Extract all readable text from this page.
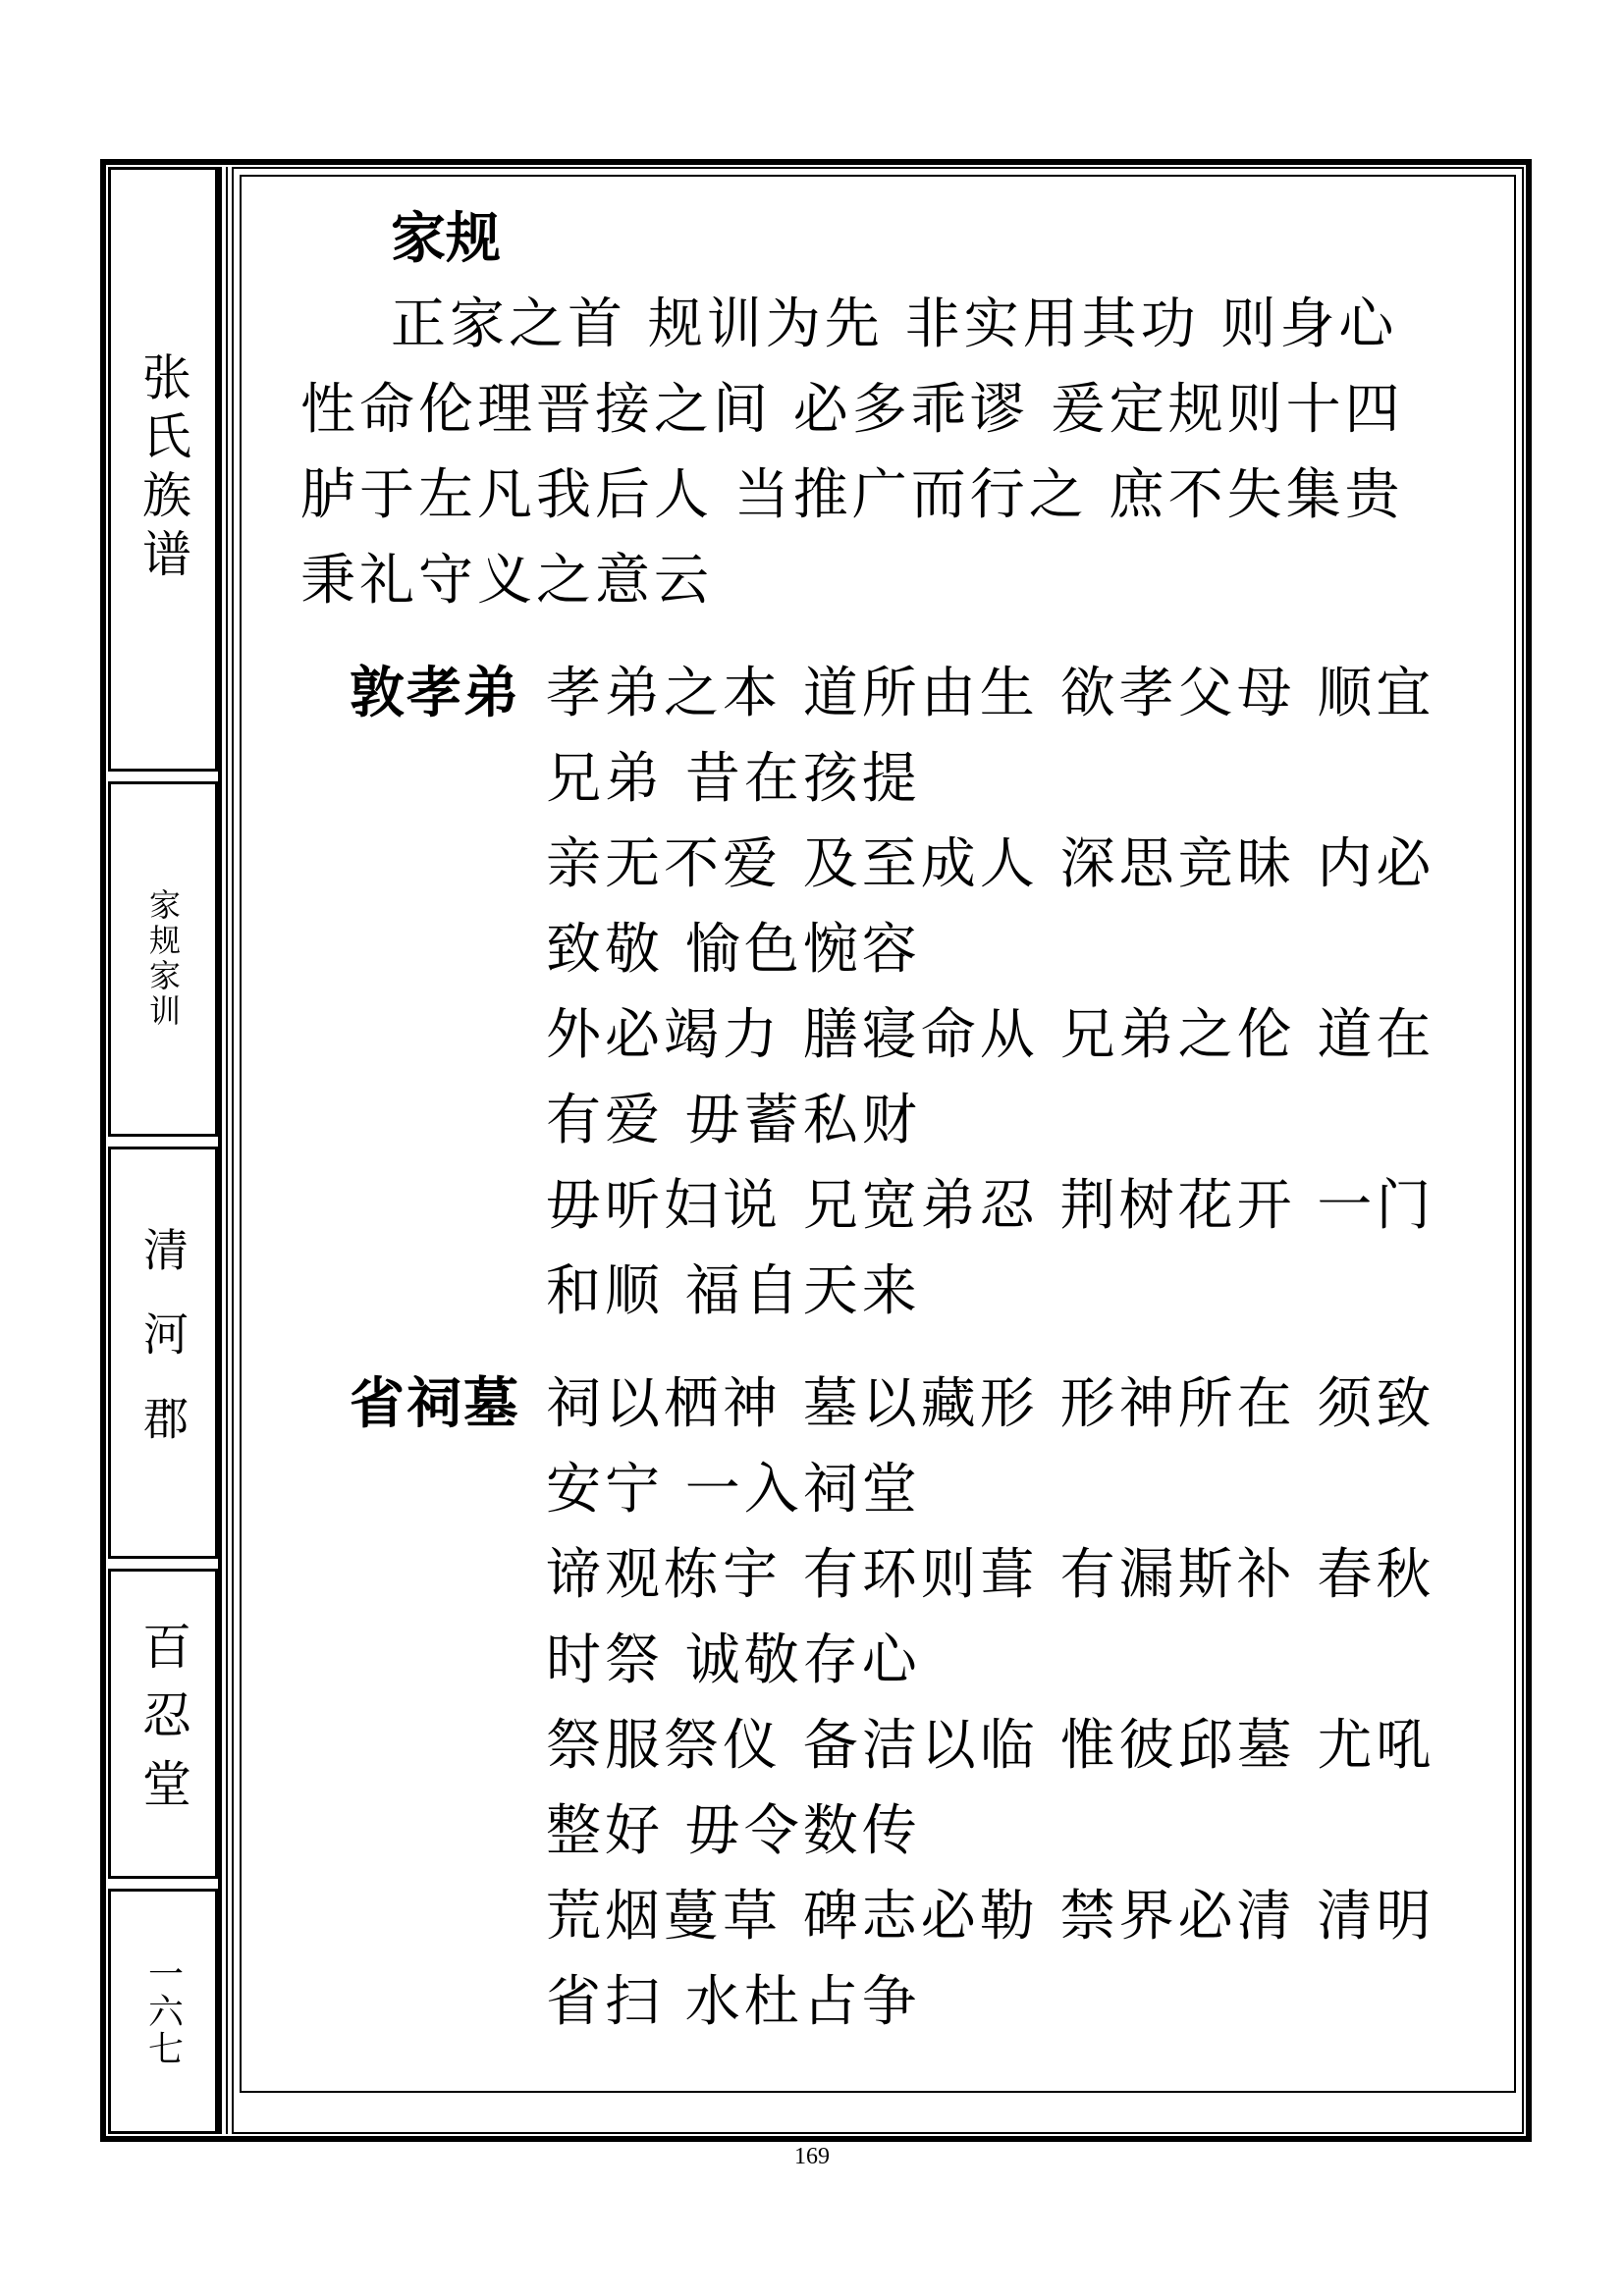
张氏族谱
家规家训
清河郡
百忍堂
一六七
家规

正家之首 规训为先 非实用其功 则身心

性命伦理晋接之间 必多乖谬 爰定规则十四

胪于左凡我后人 当推广而行之 庶不失集贵

秉礼守义之意云

敦孝弟 孝弟之本 道所由生 欲孝父母 顺宜

兄弟 昔在孩提

亲无不爱 及至成人 深思竞昧 内必

致敬 愉色惋容

外必竭力 膳寝命从 兄弟之伦 道在

有爱 毋蓄私财

毋听妇说 兄宽弟忍 荆树花开 一门

和顺 福自天来

省祠墓 祠以栖神 墓以藏形 形神所在 须致

安宁 一入祠堂

谛观栋宇 有环则葺 有漏斯补 春秋

时祭 诚敬存心

祭服祭仪 备洁以临 惟彼邱墓 尤吼

整好 毋令数传

荒烟蔓草 碑志必勒 禁界必清 清明

省扫 水杜占争

169
